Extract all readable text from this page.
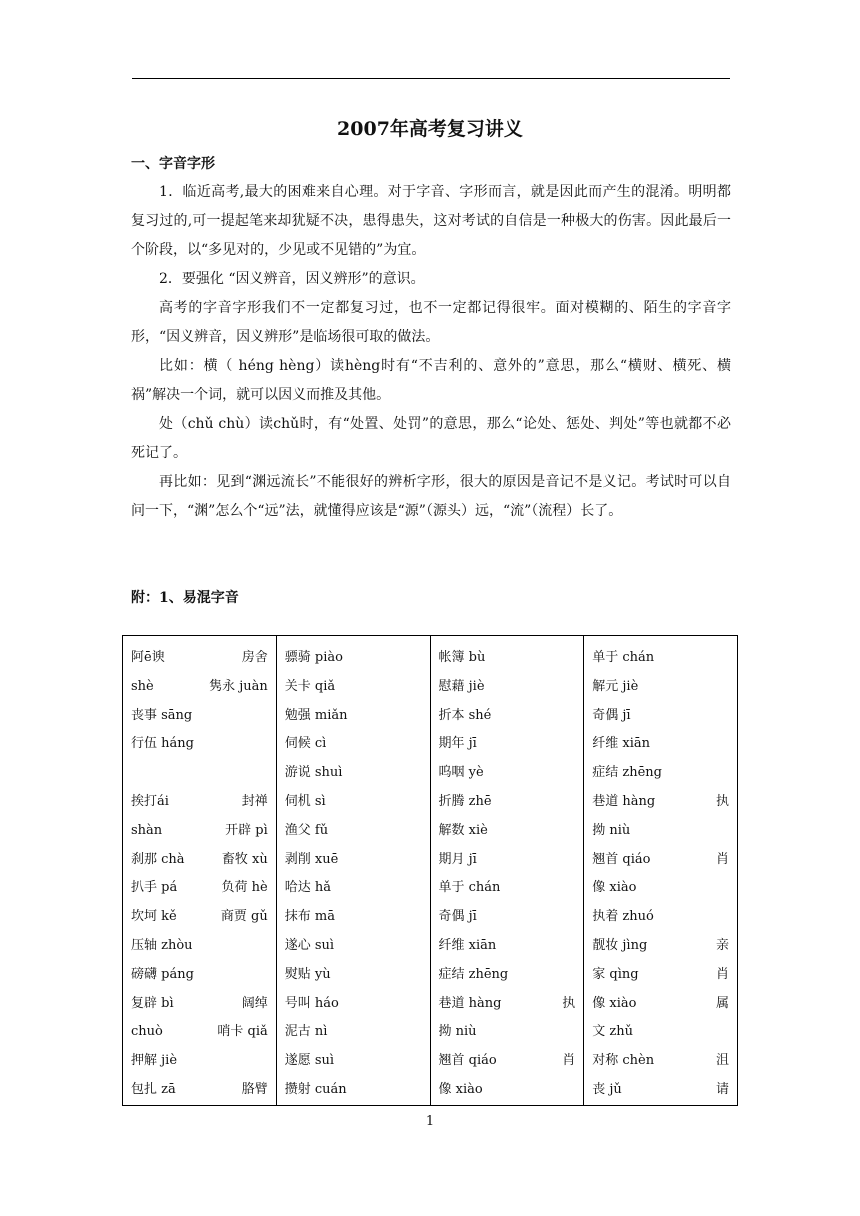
2007年高考复习讲义
一、字音字形

1．临近高考,最大的困难来自心理。对于字音、字形而言，就是因此而产生的混淆。明明都复习过的,可一提起笔来却犹疑不决，患得患失，这对考试的自信是一种极大的伤害。因此最后一个阶段，以“多见对的，少见或不见错的”为宜。

2．要强化 “因义辨音，因义辨形”的意识。

高考的字音字形我们不一定都复习过，也不一定都记得很牢。面对模糊的、陌生的字音字形，“因义辨音，因义辨形”是临场很可取的做法。

比如：横（ héng hèng）读hèng时有“不吉利的、意外的”意思，那么“横财、横死、横祸”解决一个词，就可以因义而推及其他。

处（chǔ chù）读chǔ时，有“处置、处罚”的意思，那么“论处、惩处、判处”等也就都不必死记了。

再比如：见到“渊远流长”不能很好的辨析字形，很大的原因是音记不是义记。考试时可以自问一下，“渊”怎么个“远”法，就懂得应该是“源”（源头）远，“流”（流程）长了。

附：1、易混字音
阿ē谀	房舍
shè	隽永 juàn
丧事 sāng
行伍 háng
挨打ái	封禅
shàn	开辟 pì
刹那 chà	畜牧 xù
扒手 pá	负荷 hè
坎坷 kě	商贾 gǔ
压轴 zhòu
磅礴 páng
复辟 bì	阔绰
chuò	哨卡 qiǎ
押解 jiè
包扎 zā	胳臂

骠骑 piào
关卡 qiǎ
勉强 miǎn
伺候 cì
游说 shuì
伺机 sì
渔父 fǔ
剥削 xuē
哈达 hǎ
抹布 mā
遂心 suì
熨贴 yù
号叫 háo
泥古 nì
遂愿 suì
攒射 cuán

帐簿 bù
慰藉 jiè
折本 shé
期年 jī
呜咽 yè
折腾 zhē
解数 xiè
期月 jī
单于 chán
奇偶 jī
纤维 xiān
症结 zhēng
巷道 hàng	执
拗 niù
翘首 qiáo	肖
像 xiào

单于 chán
解元 jiè
奇偶 jī
纤维 xiān
症结 zhēng
巷道 hàng	执
拗 niù
翘首 qiáo	肖
像 xiào
执着 zhuó
靓妆 jìng	亲
家 qìng	肖
像 xiào	属
文 zhǔ
对称 chèn	沮
丧 jǔ	请
1
